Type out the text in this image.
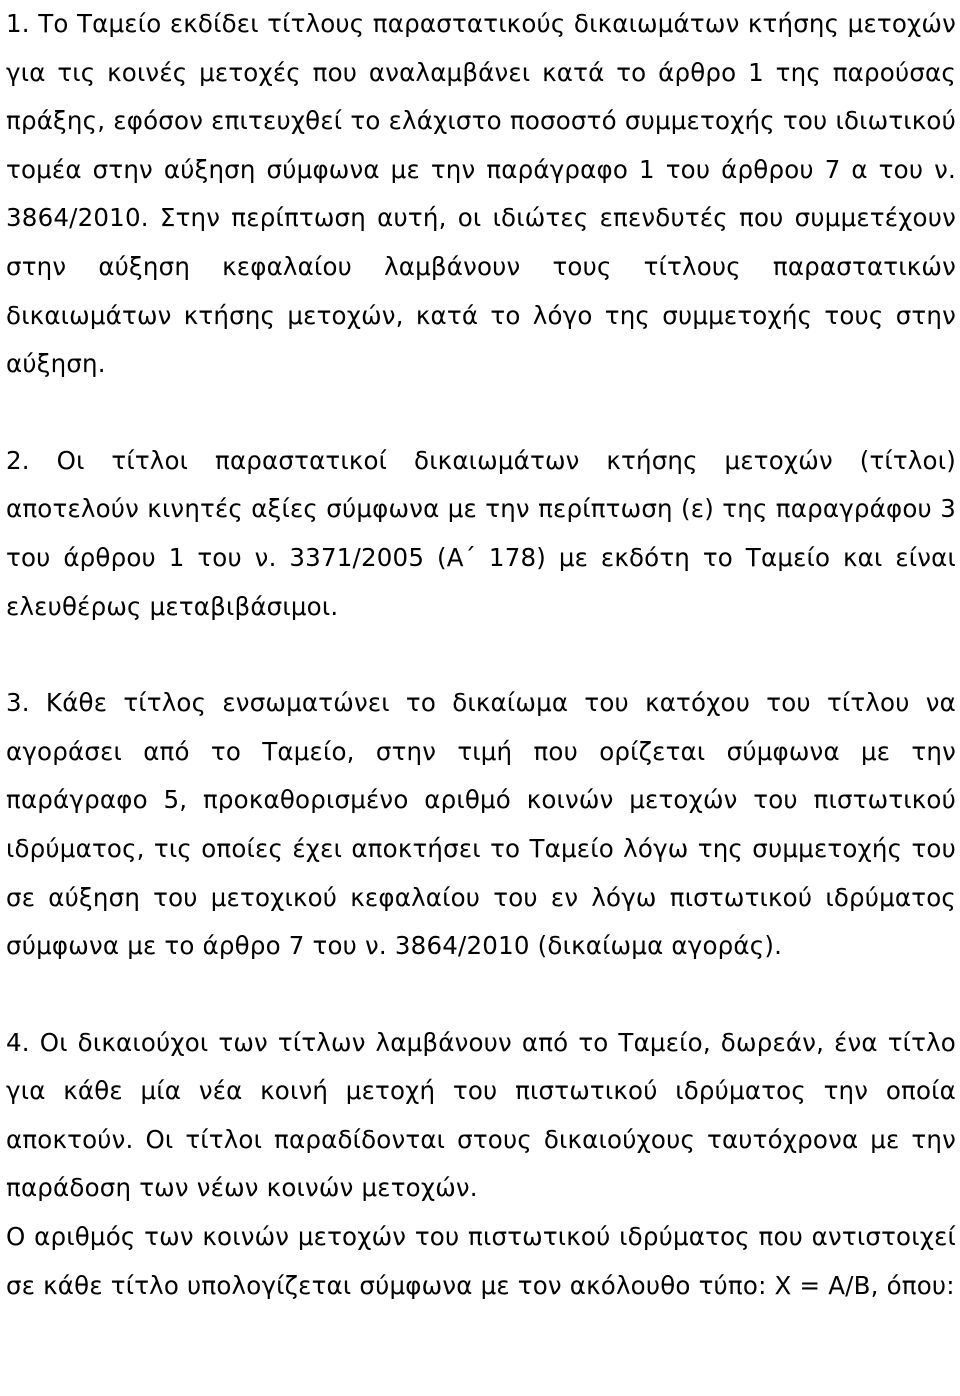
1. Το Ταμείο εκδίδει τίτλους παραστατικούς δικαιωμάτων κτήσης μετοχών για τις κοινές μετοχές που αναλαμβάνει κατά το άρθρο 1 της παρούσας πράξης, εφόσον επιτευχθεί το ελάχιστο ποσοστό συμμετοχής του ιδιωτικού τομέα στην αύξηση σύμφωνα με την παράγραφο 1 του άρθρου 7 α του ν. 3864/2010. Στην περίπτωση αυτή, οι ιδιώτες επενδυτές που συμμετέχουν στην αύξηση κεφαλαίου λαμβάνουν τους τίτλους παραστατικών δικαιωμάτων κτήσης μετοχών, κατά το λόγο της συμμετοχής τους στην αύξηση.

2. Οι τίτλοι παραστατικοί δικαιωμάτων κτήσης μετοχών (τίτλοι) αποτελούν κινητές αξίες σύμφωνα με την περίπτωση (ε) της παραγράφου 3 του άρθρου 1 του ν. 3371/2005 (Α΄ 178) με εκδότη το Ταμείο και είναι ελευθέρως μεταβιβάσιμοι.

3. Κάθε τίτλος ενσωματώνει το δικαίωμα του κατόχου του τίτλου να αγοράσει από το Ταμείο, στην τιμή που ορίζεται σύμφωνα με την παράγραφο 5, προκαθορισμένο αριθμό κοινών μετοχών του πιστωτικού ιδρύματος, τις οποίες έχει αποκτήσει το Ταμείο λόγω της συμμετοχής του σε αύξηση του μετοχικού κεφαλαίου του εν λόγω πιστωτικού ιδρύματος σύμφωνα με το άρθρο 7 του ν. 3864/2010 (δικαίωμα αγοράς).

4. Οι δικαιούχοι των τίτλων λαμβάνουν από το Ταμείο, δωρεάν, ένα τίτλο για κάθε μία νέα κοινή μετοχή του πιστωτικού ιδρύματος την οποία αποκτούν. Οι τίτλοι παραδίδονται στους δικαιούχους ταυτόχρονα με την παράδοση των νέων κοινών μετοχών.

Ο αριθμός των κοινών μετοχών του πιστωτικού ιδρύματος που αντιστοιχεί σε κάθε τίτλο υπολογίζεται σύμφωνα με τον ακόλουθο τύπο: Χ = Α/Β, όπου:
